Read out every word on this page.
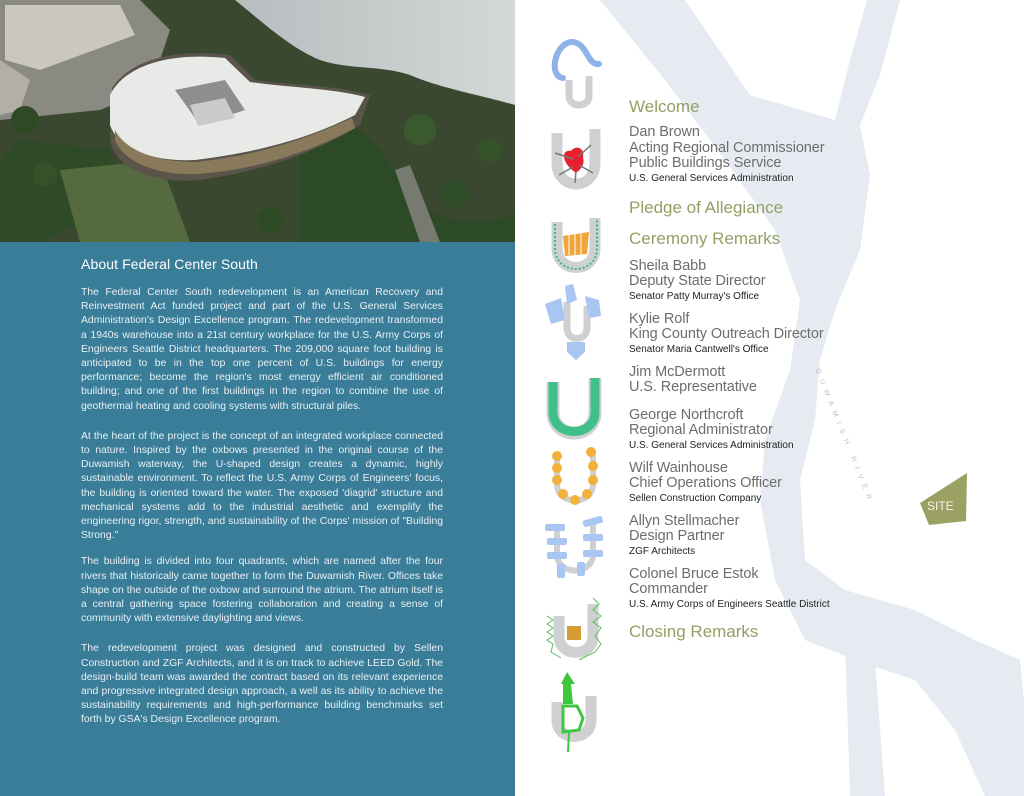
About Federal Center South

The Federal Center South redevelopment is an American Recovery and Reinvestment Act funded project and part of the U.S. General Services Administration's Design Excellence program. The redevelopment transformed a 1940s warehouse into a 21st century workplace for the U.S. Army Corps of Engineers Seattle District headquarters. The 209,000 square foot building is anticipated to be in the top one percent of U.S. buildings for energy performance; become the region's most energy efficient air conditioned building; and one of the first buildings in the region to combine the use of geothermal heating and cooling systems with structural piles.

At the heart of the project is the concept of an integrated workplace connected to nature. Inspired by the oxbows presented in the original course of the Duwamish waterway, the U-shaped design creates a dynamic, highly sustainable environment. To reflect the U.S. Army Corps of Engineers' focus, the building is oriented toward the water. The exposed 'diagrid' structure and mechanical systems add to the industrial aesthetic and exemplify the engineering rigor, strength, and sustainability of the Corps' mission of "Building Strong."

The building is divided into four quadrants, which are named after the four rivers that historically came together to form the Duwamish River. Offices take shape on the outside of the oxbow and surround the atrium. The atrium itself is a central gathering space fostering collaboration and creating a sense of community with extensive daylighting and views.

The redevelopment project was designed and constructed by Sellen Construction and ZGF Architects, and it is on track to achieve LEED Gold. The design-build team was awarded the contract based on its relevant experience and progressive integrated design approach, a well as its ability to achieve the sustainability requirements and high-performance building benchmarks set forth by GSA's Design Excellence program.

DUWAMISH RIVER
SITE
Welcome
Dan Brown
Acting Regional Commissioner
Public Buildings Service
U.S. General Services Administration
Pledge of Allegiance
Ceremony Remarks
Sheila Babb
Deputy State Director
Senator Patty Murray's Office
Kylie Rolf
King County Outreach Director
Senator Maria Cantwell's Office
Jim McDermott
U.S. Representative
George Northcroft
Regional Administrator
U.S. General Services Administration
Wilf Wainhouse
Chief Operations Officer
Sellen Construction Company
Allyn Stellmacher
Design Partner
ZGF Architects
Colonel Bruce Estok
Commander
U.S. Army Corps of Engineers Seattle District
Closing Remarks
